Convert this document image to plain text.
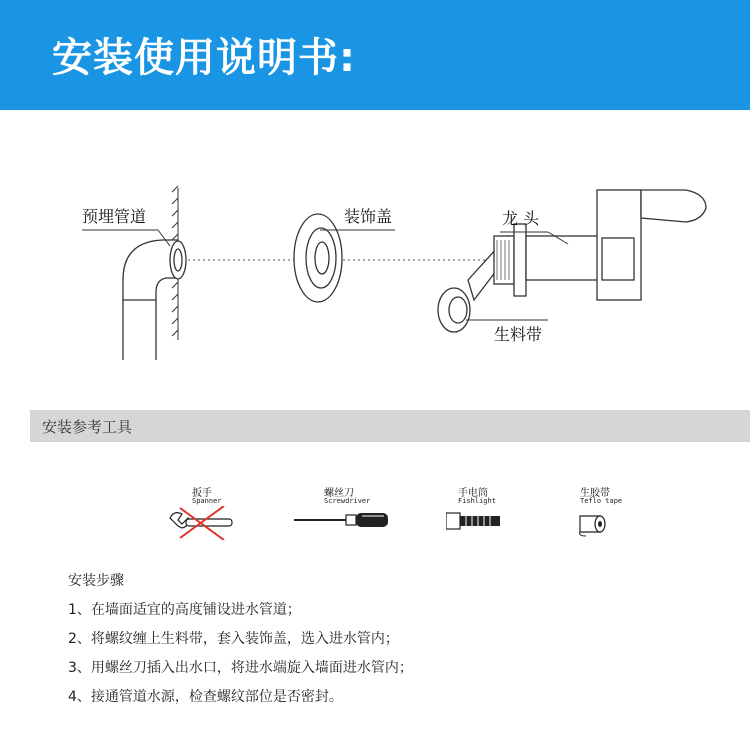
安装使用说明书:
预埋管道	装饰盖	龙 头
生料带
安装参考工具
扳手
Spanner
螺丝刀
Screwdriver
手电筒
Fishlight
生胶带
Teflo tape
安装步骤
1、在墙面适宜的高度铺设进水管道；
2、将螺纹缠上生料带，套入装饰盖，选入进水管内；
3、用螺丝刀插入出水口，将进水端旋入墙面进水管内；
4、接通管道水源，检查螺纹部位是否密封。
